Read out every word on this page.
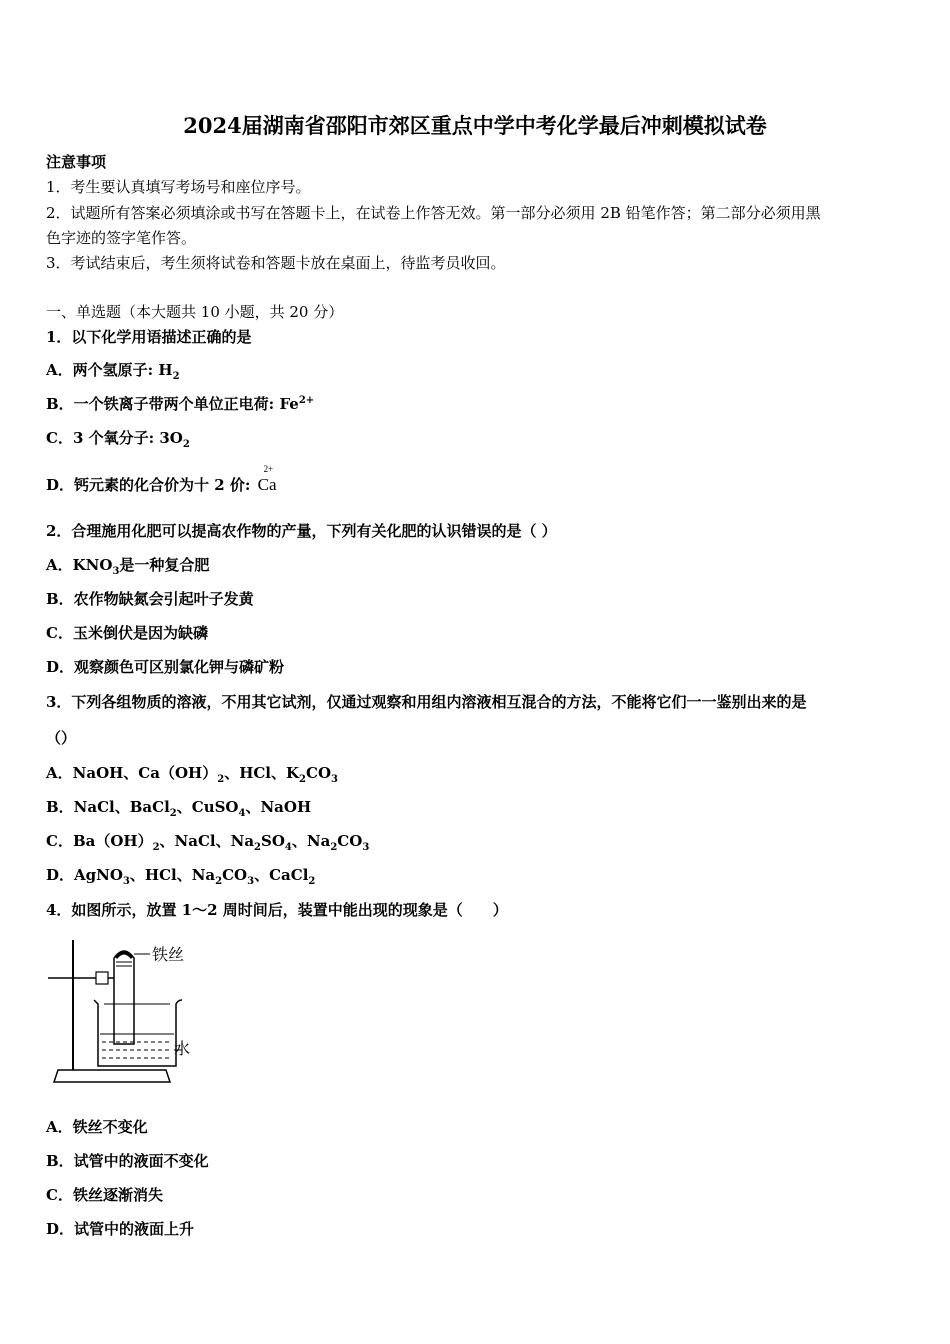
2024届湖南省邵阳市郊区重点中学中考化学最后冲刺模拟试卷
注意事项
1．考生要认真填写考场号和座位序号。
2．试题所有答案必须填涂或书写在答题卡上，在试卷上作答无效。第一部分必须用 2B 铅笔作答；第二部分必须用黑
色字迹的签字笔作答。
3．考试结束后，考生须将试卷和答题卡放在桌面上，待监考员收回。
一、单选题（本大题共 10 小题，共 20 分）
1．以下化学用语描述正确的是
A．两个氢原子: $H_2$
B．一个铁离子带两个单位正电荷: $Fe^{2+}$
C．3 个氧分子: $3O_2$
D．钙元素的化合价为十 2 价:
2+
Ca
2．合理施用化肥可以提高农作物的产量，下列有关化肥的认识错误的是（ ）
A．$KNO_3$是一种复合肥
B．农作物缺氮会引起叶子发黄
C．玉米倒伏是因为缺磷
D．观察颜色可区别氯化钾与磷矿粉
3．下列各组物质的溶液，不用其它试剂，仅通过观察和用组内溶液相互混合的方法，不能将它们一一鉴别出来的是
（）
A．NaOH、$Ca(OH)_2$、HCl、$K_2CO_3$
B．NaCl、BaCl$_2$、CuSO$_4$、NaOH
C．$Ba(OH)_2$、NaCl、$Na_2SO_4$、$Na_2CO_3$
D．AgNO$_3$、HCl、$Na_2CO_3$、CaCl$_2$
4．如图所示，放置 1～2 周时间后，装置中能出现的现象是（　　）
铁丝
水
A．铁丝不变化
B．试管中的液面不变化
C．铁丝逐渐消失
D．试管中的液面上升
